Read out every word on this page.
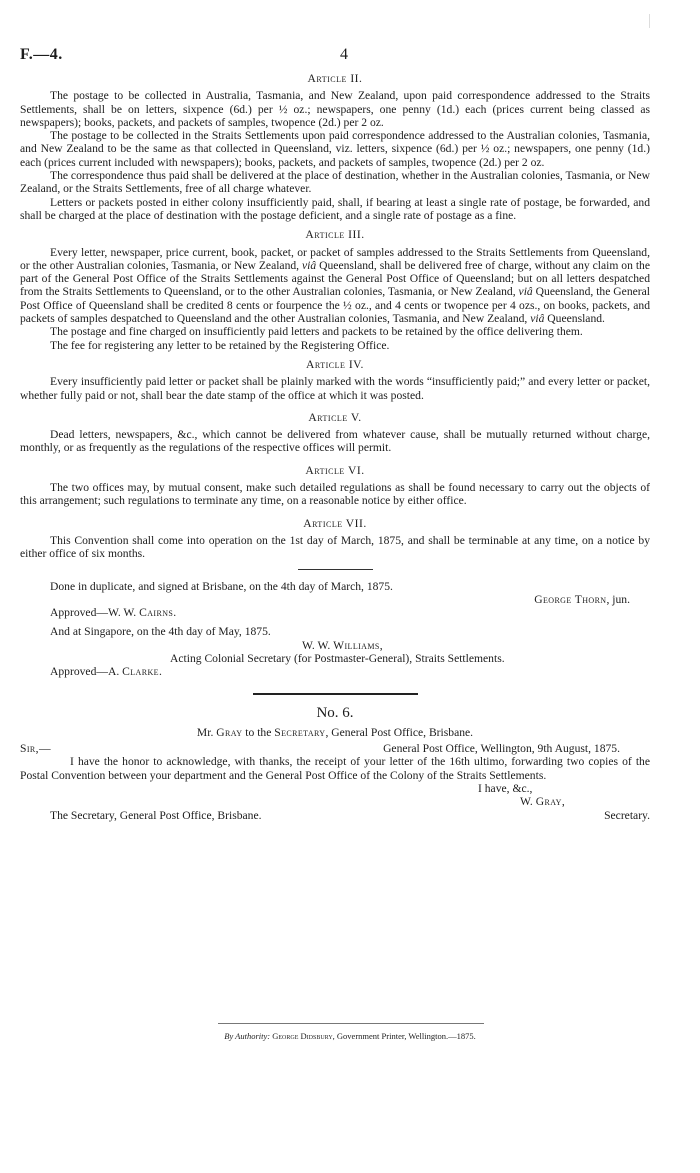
F.—4.	4

Article II.

The postage to be collected in Australia, Tasmania, and New Zealand, upon paid correspondence addressed to the Straits Settlements, shall be on letters, sixpence (6d.) per ½ oz.; newspapers, one penny (1d.) each (prices current being classed as newspapers); books, packets, and packets of samples, twopence (2d.) per 2 oz.

The postage to be collected in the Straits Settlements upon paid correspondence addressed to the Australian colonies, Tasmania, and New Zealand to be the same as that collected in Queensland, viz. letters, sixpence (6d.) per ½ oz.; newspapers, one penny (1d.) each (prices current included with newspapers); books, packets, and packets of samples, twopence (2d.) per 2 oz.

The correspondence thus paid shall be delivered at the place of destination, whether in the Australian colonies, Tasmania, or New Zealand, or the Straits Settlements, free of all charge whatever.

Letters or packets posted in either colony insufficiently paid, shall, if bearing at least a single rate of postage, be forwarded, and shall be charged at the place of destination with the postage deficient, and a single rate of postage as a fine.

Article III.

Every letter, newspaper, price current, book, packet, or packet of samples addressed to the Straits Settlements from Queensland, or the other Australian colonies, Tasmania, or New Zealand, viâ Queensland, shall be delivered free of charge, without any claim on the part of the General Post Office of the Straits Settlements against the General Post Office of Queensland; but on all letters despatched from the Straits Settlements to Queensland, or to the other Australian colonies, Tasmania, or New Zealand, viâ Queensland, the General Post Office of Queensland shall be credited 8 cents or fourpence the ½ oz., and 4 cents or twopence per 4 ozs., on books, packets, and packets of samples despatched to Queensland and the other Australian colonies, Tasmania, and New Zealand, viâ Queensland.

The postage and fine charged on insufficiently paid letters and packets to be retained by the office delivering them.

The fee for registering any letter to be retained by the Registering Office.

Article IV.

Every insufficiently paid letter or packet shall be plainly marked with the words “insufficiently paid;” and every letter or packet, whether fully paid or not, shall bear the date stamp of the office at which it was posted.

Article V.

Dead letters, newspapers, &c., which cannot be delivered from whatever cause, shall be mutually returned without charge, monthly, or as frequently as the regulations of the respective offices will permit.

Article VI.

The two offices may, by mutual consent, make such detailed regulations as shall be found necessary to carry out the objects of this arrangement; such regulations to terminate any time, on a reasonable notice by either office.

Article VII.

This Convention shall come into operation on the 1st day of March, 1875, and shall be terminable at any time, on a notice by either office of six months.

Done in duplicate, and signed at Brisbane, on the 4th day of March, 1875.

George Thorn, jun.

Approved—W. W. Cairns.

And at Singapore, on the 4th day of May, 1875.

W. W. Williams,

Acting Colonial Secretary (for Postmaster-General), Straits Settlements.

Approved—A. Clarke.

No. 6.

Mr. Gray to the Secretary, General Post Office, Brisbane.

Sir,—	General Post Office, Wellington, 9th August, 1875.

I have the honor to acknowledge, with thanks, the receipt of your letter of the 16th ultimo, forwarding two copies of the Postal Convention between your department and the General Post Office of the Colony of the Straits Settlements.

I have, &c.,

W. Gray,

The Secretary, General Post Office, Brisbane.	Secretary.
By Authority: George Didsbury, Government Printer, Wellington.—1875.
